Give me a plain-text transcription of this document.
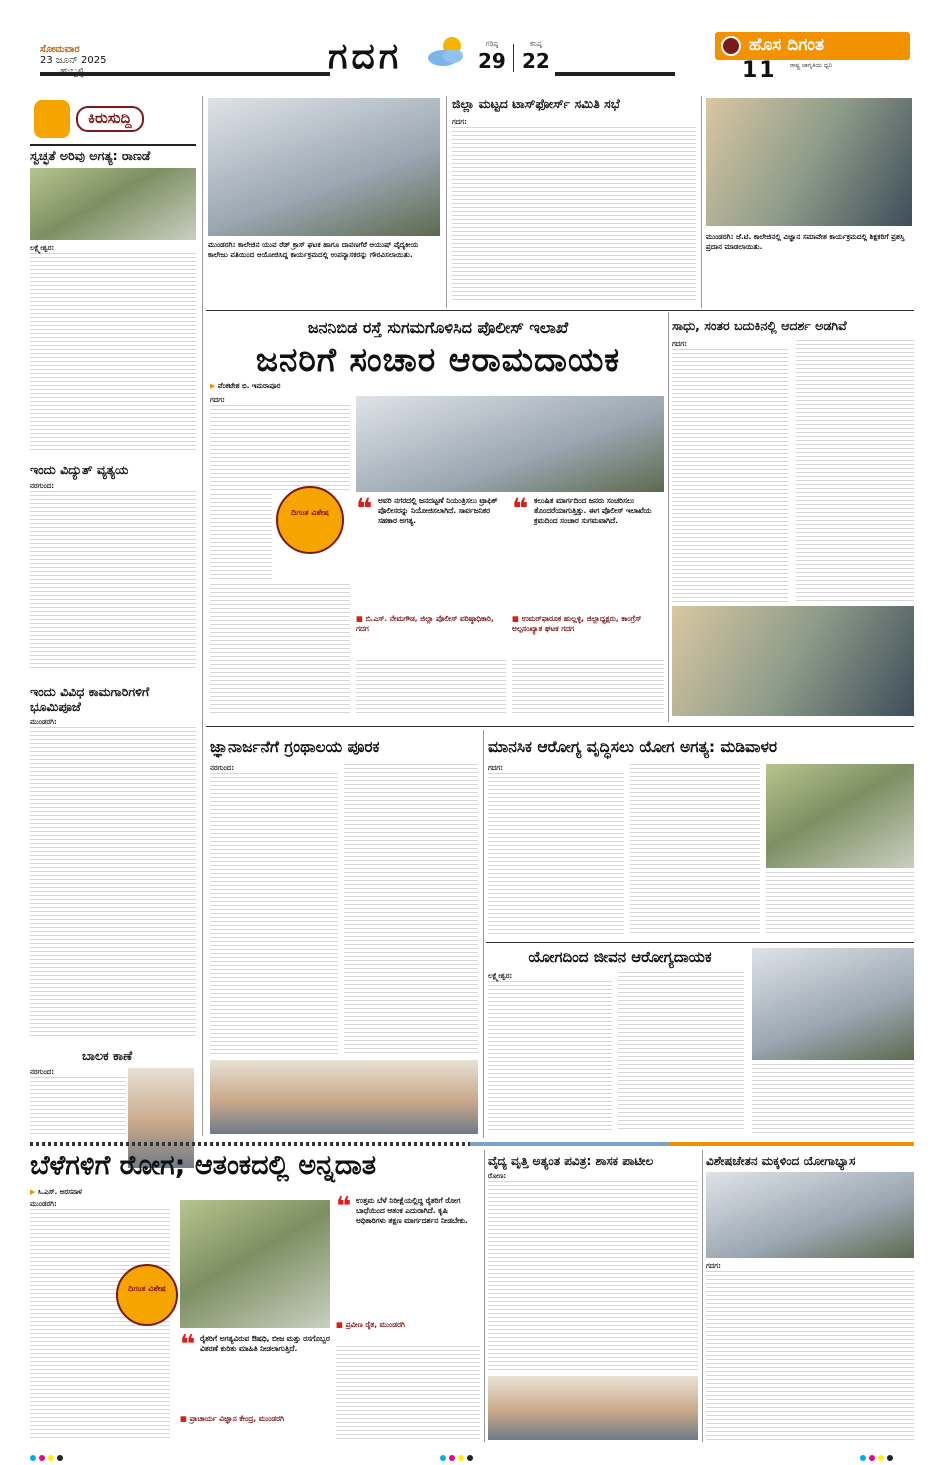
ಸೋಮವಾರ
23 ಜೂನ್ 2025	ಗದಗ	ಗರಿಷ್ಠ
29
ಕನಿಷ್ಠ
22
ಹೊಸ ದಿಗಂತ
ರಾಷ್ಟ್ರ ಜಾಗೃತಿಯ ಧ್ವನಿ
11
ಕಿರುಸುದ್ದಿ
ಸ್ವಚ್ಛತೆ ಅರಿವು ಅಗತ್ಯ: ರಾಣಡೆ
ಲಕ್ಷ್ಮೇಶ್ವರ:
ಇಂದು ವಿದ್ಯುತ್ ವ್ಯತ್ಯಯ
ನರಗುಂದ:
ಇಂದು ವಿವಿಧ ಕಾಮಗಾರಿಗಳಿಗೆ ಭೂಮಿಪೂಜೆ
ಮುಂಡರಗಿ:
ಬಾಲಕ ಕಾಣೆ
ನರಗುಂದ:
ಮುಂಡರಗಿ: ಕಾಲೇಜಿನ ಯುವ ರೆಡ್ ಕ್ರಾಸ್ ಘಟಕ ಹಾಗೂ ದಾವಣಗೆರೆ ಆಯುಷ್ ವೈದ್ಯಕೀಯ ಕಾಲೇಜು ವತಿಯಿಂದ ಆಯೋಜಿಸಿದ್ದ ಕಾರ್ಯಕ್ರಮದಲ್ಲಿ ಉಪನ್ಯಾಸಕರನ್ನು ಗೌರವಿಸಲಾಯಿತು.
ಜಿಲ್ಲಾ ಮಟ್ಟದ ಟಾಸ್‌ಫೋರ್ಸ್ ಸಮಿತಿ ಸಭೆ
ಗದಗ:
ಮುಂಡರಗಿ: ಜೆ.ಟಿ. ಕಾಲೇಜಿನಲ್ಲಿ ವಿಜ್ಞಾನ ಸಮಾವೇಶ ಕಾರ್ಯಕ್ರಮದಲ್ಲಿ ಶಿಕ್ಷಕರಿಗೆ ಪ್ರಶಸ್ತಿ ಪ್ರದಾನ ಮಾಡಲಾಯಿತು.
ಜನನಿಬಿಡ ರಸ್ತೆ ಸುಗಮಗೊಳಿಸಿದ ಪೊಲೀಸ್ ಇಲಾಖೆ
ಜನರಿಗೆ ಸಂಚಾರ ಆರಾಮದಾಯಕ
▶ ವೆಂಕಟೇಶ ಬಿ. ಇಮರಾಪೂರ
ಗದಗ:
ದಿಗಂತ ವಿಶೇಷ ❝ ಅವರಿ ನಗರದಲ್ಲಿ ಜನದಟ್ಟಣೆ ನಿಯಂತ್ರಿಸಲು ಟ್ರಾಫಿಕ್ ಪೊಲೀಸರನ್ನು ನಿಯೋಜಿಸಲಾಗಿದೆ. ಸಾರ್ವಜನಿಕರ ಸಹಕಾರ ಅಗತ್ಯ.
■ ಬಿ.ಎಸ್. ನೇಮಗೌಡ, ಜಿಲ್ಲಾ ಪೊಲೀಸ್ ವರಿಷ್ಠಾಧಿಕಾರಿ, ಗದಗ
❝ ಕಲುಷಿತ ಮಾರ್ಗದಿಂದ ಜನರು ಸಂಚರಿಸಲು ತೊಂದರೆಯಾಗುತ್ತಿತ್ತು. ಈಗ ಪೊಲೀಸ್ ಇಲಾಖೆಯ ಕ್ರಮದಿಂದ ಸಂಚಾರ ಸುಗಮವಾಗಿದೆ.
■ ಉಮರ್‌ಫಾರೂಕ ಹುಲ್ಲಳ್ಳಿ, ಜಿಲ್ಲಾಧ್ಯಕ್ಷರು, ಕಾಂಗ್ರೆಸ್ ಅಲ್ಪಸಂಖ್ಯಾತ ಘಟಕ ಗದಗ
ಸಾಧು, ಸಂತರ ಬದುಕಿನಲ್ಲಿ ಆದರ್ಶ ಅಡಗಿವೆ
ಗದಗ:
ಜ್ಞಾನಾರ್ಜನೆಗೆ ಗ್ರಂಥಾಲಯ ಪೂರಕ
ನರಗುಂದ:
ಮಾನಸಿಕ ಆರೋಗ್ಯ ವೃದ್ಧಿಸಲು ಯೋಗ ಅಗತ್ಯ: ಮಡಿವಾಳರ
ಗದಗ:
ಯೋಗದಿಂದ ಜೀವನ ಆರೋಗ್ಯದಾಯಕ
ಲಕ್ಷ್ಮೇಶ್ವರ:
ಬೆಳೆಗಳಿಗೆ ರೋಗ; ಆತಂಕದಲ್ಲಿ ಅನ್ನದಾತ
▶ ಸಿ.ಎಸ್. ಅರಸನಾಳ
ಮುಂಡರಗಿ:
ದಿಗಂತ ವಿಶೇಷ
❝ ಉತ್ತಮ ಬೆಳೆ ನಿರೀಕ್ಷೆಯಲ್ಲಿದ್ದ ರೈತರಿಗೆ ರೋಗ ಬಾಧೆಯಿಂದ ಆತಂಕ ಎದುರಾಗಿದೆ. ಕೃಷಿ ಅಧಿಕಾರಿಗಳು ತಕ್ಷಣ ಮಾರ್ಗದರ್ಶನ ನೀಡಬೇಕು.
■ ಪ್ರವೀಣ ರೈತ, ಮುಂಡರಗಿ
❝ ರೈತರಿಗೆ ಅಗತ್ಯವಿರುವ ಔಷಧಿ, ಬೀಜ ಮತ್ತು ರಸಗೊಬ್ಬರ ವಿತರಣೆ ಕುರಿತು ಮಾಹಿತಿ ನೀಡಲಾಗುತ್ತಿದೆ.
■ ಪ್ರಾಚಾರ್ಯ ವಿಜ್ಞಾನ ಕೇಂದ್ರ, ಮುಂಡರಗಿ
ವೈದ್ಯ ವೃತ್ತಿ ಅತ್ಯಂತ ಪವಿತ್ರ: ಶಾಸಕ ಪಾಟೀಲ
ರೋಣ:
ವಿಶೇಷಚೇತನ ಮಕ್ಕಳಿಂದ ಯೋಗಾಭ್ಯಾಸ
ಗದಗ:
